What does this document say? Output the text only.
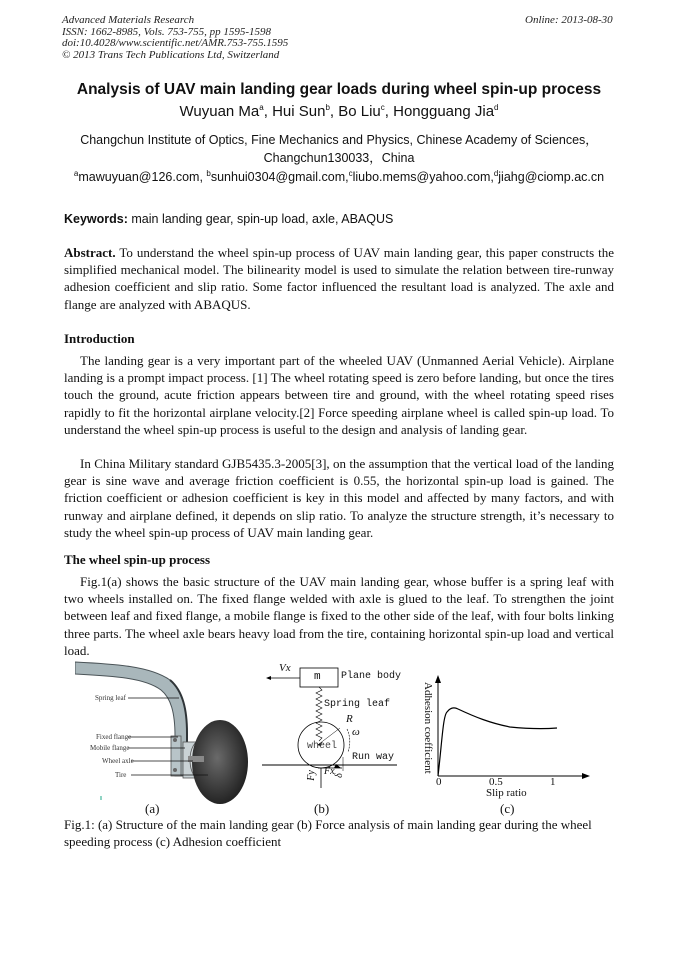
Advanced Materials Research
ISSN: 1662-8985, Vols. 753-755, pp 1595-1598
doi:10.4028/www.scientific.net/AMR.753-755.1595
© 2013 Trans Tech Publications Ltd, Switzerland
Online: 2013-08-30
Analysis of UAV main landing gear loads during wheel spin-up process
Wuyuan Ma$^a$, Hui Sun$^b$, Bo Liu$^c$, Hongguang Jia$^d$
Changchun Institute of Optics, Fine Mechanics and Physics, Chinese Academy of Sciences，
Changchun130033，China
$^a$mawuyuan@126.com, $^b$sunhui0304@gmail.com,$^c$liubo.mems@yahoo.com,$^d$jiahg@ciomp.ac.cn
Keywords: main landing gear, spin-up load, axle, ABAQUS
Abstract. To understand the wheel spin-up process of UAV main landing gear, this paper constructs the simplified mechanical model. The bilinearity model is used to simulate the relation between tire-runway adhesion coefficient and slip ratio. Some factor influenced the resultant load is analyzed. The axle and flange are analyzed with ABAQUS.
Introduction
The landing gear is a very important part of the wheeled UAV (Unmanned Aerial Vehicle). Airplane landing is a prompt impact process. [1] The wheel rotating speed is zero before landing, but once the tires touch the ground, acute friction appears between tire and ground, with the wheel rotating speed rises rapidly to fit the horizontal airplane velocity.[2] Force speeding airplane wheel is called spin-up load. To understand the wheel spin-up process is useful to the design and analysis of landing gear.
In China Military standard GJB5435.3-2005[3], on the assumption that the vertical load of the landing gear is sine wave and average friction coefficient is 0.55, the horizontal spin-up load is gained. The friction coefficient or adhesion coefficient is key in this model and affected by many factors, and with runway and airplane defined, it depends on slip ratio. To analyze the structure strength, it’s necessary to study the wheel spin-up process of UAV main landing gear.
The wheel spin-up process
Fig.1(a) shows the basic structure of the UAV main landing gear, whose buffer is a spring leaf with two wheels installed on. The fixed flange welded with axle is glued to the leaf. To strengthen the joint between leaf and fixed flange, a mobile flange is fixed to the other side of the leaf, with four bolts linking three parts. The wheel axle bears heavy load from the tire, containing horizontal spin-up load and vertical load.
Spring leaf
Fixed flange
Mobile flange
Wheel axle
Tire
(a)
Vx
m Plane body
Spring leaf
R
ω
wheel
Run way
Fx
Fy δ
(b)
0	0.5	1
Slip ratio
Adhesion coefficient
(c)
Fig.1: (a) Structure of the main landing gear (b) Force analysis of main landing gear during the wheel speeding process (c) Adhesion coefficient
